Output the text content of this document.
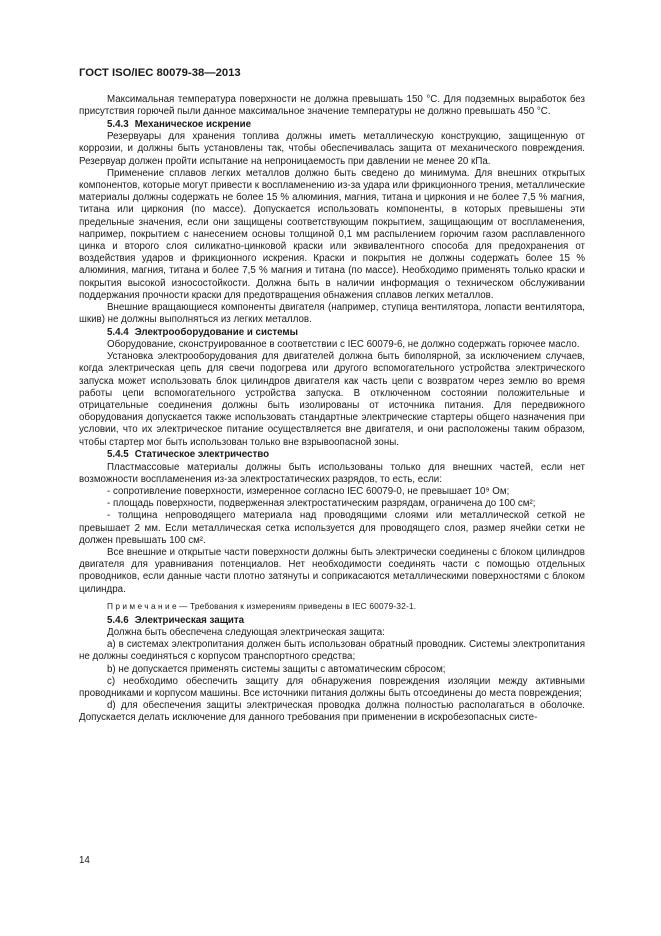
ГОСТ ISO/IEC 80079-38—2013

Максимальная температура поверхности не должна превышать 150 °C. Для подземных выработок без присутствия горючей пыли данное максимальное значение температуры не должно превышать 450 °C.

5.4.3 Механическое искрение

Резервуары для хранения топлива должны иметь металлическую конструкцию, защищенную от коррозии, и должны быть установлены так, чтобы обеспечивалась защита от механического повреждения. Резервуар должен пройти испытание на непроницаемость при давлении не менее 20 кПа.

Применение сплавов легких металлов должно быть сведено до минимума. Для внешних открытых компонентов, которые могут привести к воспламенению из-за удара или фрикционного трения, металлические материалы должны содержать не более 15 % алюминия, магния, титана и циркония и не более 7,5 % магния, титана или циркония (по массе). Допускается использовать компоненты, в которых превышены эти предельные значения, если они защищены соответствующим покрытием, защищающим от воспламенения, например, покрытием с нанесением основы толщиной 0,1 мм распылением горючим газом расплавленного цинка и второго слоя силикатно-цинковой краски или эквивалентного способа для предохранения от воздействия ударов и фрикционного искрения. Краски и покрытия не должны содержать более 15 % алюминия, магния, титана и более 7,5 % магния и титана (по массе). Необходимо применять только краски и покрытия высокой износостойкости. Должна быть в наличии информация о техническом обслуживании поддержания прочности краски для предотвращения обнажения сплавов легких металлов.

Внешние вращающиеся компоненты двигателя (например, ступица вентилятора, лопасти вентилятора, шкив) не должны выполняться из легких металлов.

5.4.4 Электрооборудование и системы

Оборудование, сконструированное в соответствии с IEC 60079-6, не должно содержать горючее масло.

Установка электрооборудования для двигателей должна быть биполярной, за исключением случаев, когда электрическая цепь для свечи подогрева или другого вспомогательного устройства электрического запуска может использовать блок цилиндров двигателя как часть цепи с возвратом через землю во время работы цепи вспомогательного устройства запуска. В отключенном состоянии положительные и отрицательные соединения должны быть изолированы от источника питания. Для передвижного оборудования допускается также использовать стандартные электрические стартеры общего назначения при условии, что их электрическое питание осуществляется вне двигателя, и они расположены таким образом, чтобы стартер мог быть использован только вне взрывоопасной зоны.

5.4.5 Статическое электричество

Пластмассовые материалы должны быть использованы только для внешних частей, если нет возможности воспламенения из-за электростатических разрядов, то есть, если:

- сопротивление поверхности, измеренное согласно IEC 60079-0, не превышает 10⁹ Ом;

- площадь поверхности, подверженная электростатическим разрядам, ограничена до 100 см²;

- толщина непроводящего материала над проводящими слоями или металлической сеткой не превышает 2 мм. Если металлическая сетка используется для проводящего слоя, размер ячейки сетки не должен превышать 100 см².

Все внешние и открытые части поверхности должны быть электрически соединены с блоком цилиндров двигателя для уравнивания потенциалов. Нет необходимости соединять части с помощью отдельных проводников, если данные части плотно затянуты и соприкасаются металлическими поверхностями с блоком цилиндра.

Примечание— Требования к измерениям приведены в IEC 60079-32-1.

5.4.6 Электрическая защита

Должна быть обеспечена следующая электрическая защита:

а) в системах электропитания должен быть использован обратный проводник. Системы электропитания не должны соединяться с корпусом транспортного средства;

b) не допускается применять системы защиты с автоматическим сбросом;

c) необходимо обеспечить защиту для обнаружения повреждения изоляции между активными проводниками и корпусом машины. Все источники питания должны быть отсоединены до места повреждения;

d) для обеспечения защиты электрическая проводка должна полностью располагаться в оболочке. Допускается делать исключение для данного требования при применении в искробезопасных систе-

14
